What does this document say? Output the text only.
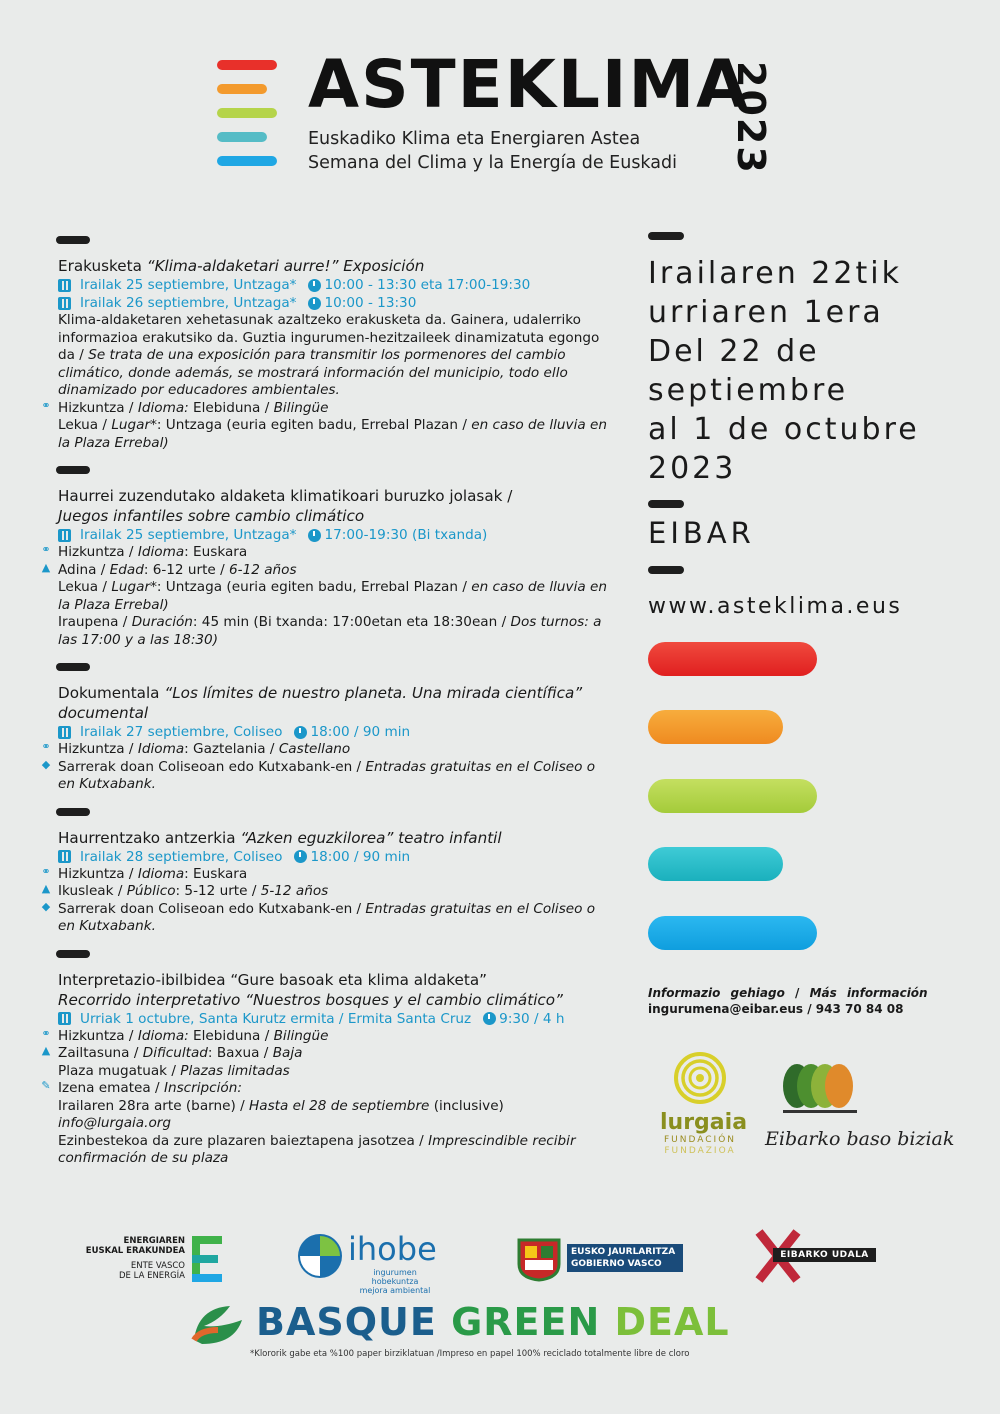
ASTEKLIMA
Euskadiko Klima eta Energiaren Astea
Semana del Clima y la Energía de Euskadi 2023
Erakusketa “Klima-aldaketari aurre!” Exposición
Irailak 25 septiembre, Untzaga* 10:00 - 13:30 eta 17:00-19:30
Irailak 26 septiembre, Untzaga* 10:00 - 13:30
Klima-aldaketaren xehetasunak azaltzeko erakusketa da. Gainera, udalerriko informazioa erakutsiko da. Guztia ingurumen-hezitzaileek dinamizatuta egongo da / Se trata de una exposición para transmitir los pormenores del cambio climático, donde además, se mostrará información del municipio, todo ello dinamizado por educadores ambientales.
⚭ Hizkuntza / Idioma: Elebiduna / Bilingüe
Lekua / Lugar*: Untzaga (euria egiten badu, Errebal Plazan / en caso de lluvia en la Plaza Errebal)
Haurrei zuzendutako aldaketa klimatikoari buruzko jolasak /
Juegos infantiles sobre cambio climático
Irailak 25 septiembre, Untzaga* 17:00-19:30 (Bi txanda)
⚭ Hizkuntza / Idioma: Euskara
▲ Adina / Edad: 6-12 urte / 6-12 años
Lekua / Lugar*: Untzaga (euria egiten badu, Errebal Plazan / en caso de lluvia en la Plaza Errebal)
Iraupena / Duración: 45 min (Bi txanda: 17:00etan eta 18:30ean / Dos turnos: a las 17:00 y a las 18:30)
Dokumentala “Los límites de nuestro planeta. Una mirada científica” documental
Irailak 27 septiembre, Coliseo 18:00 / 90 min
⚭ Hizkuntza / Idioma: Gaztelania / Castellano
◆ Sarrerak doan Coliseoan edo Kutxabank-en / Entradas gratuitas en el Coliseo o en Kutxabank.
Haurrentzako antzerkia “Azken eguzkilorea” teatro infantil
Irailak 28 septiembre, Coliseo 18:00 / 90 min
⚭ Hizkuntza / Idioma: Euskara
▲ Ikusleak / Público: 5-12 urte / 5-12 años
◆ Sarrerak doan Coliseoan edo Kutxabank-en / Entradas gratuitas en el Coliseo o en Kutxabank.
Interpretazio-ibilbidea “Gure basoak eta klima aldaketa”
Recorrido interpretativo “Nuestros bosques y el cambio climático”
Urriak 1 octubre, Santa Kurutz ermita / Ermita Santa Cruz 9:30 / 4 h
⚭ Hizkuntza / Idioma: Elebiduna / Bilingüe
▲ Zailtasuna / Dificultad: Baxua / Baja
Plaza mugatuak / Plazas limitadas
✎ Izena ematea / Inscripción:
Irailaren 28ra arte (barne) / Hasta el 28 de septiembre (inclusive)
info@lurgaia.org
Ezinbestekoa da zure plazaren baieztapena jasotzea / Imprescindible recibir confirmación de su plaza
Irailaren 22tik
urriaren 1era
Del 22 de
septiembre
al 1 de octubre
2023
EIBAR
www.asteklima.eus
Informazio gehiago / Más información
ingurumena@eibar.eus / 943 70 84 08
lurgaia
FUNDACIÓN
FUNDAZIOA
Eibarko baso biziak
ENERGIAREN
EUSKAL ERAKUNDEA
ENTE VASCO
DE LA ENERGÍA
ihobe
ingurumen hobekuntza
mejora ambiental
EUSKO JAURLARITZA
GOBIERNO VASCO
EIBARKO UDALA
BASQUE GREEN DEAL
*Klororik gabe eta %100 paper birziklatuan /Impreso en papel 100% reciclado totalmente libre de cloro
